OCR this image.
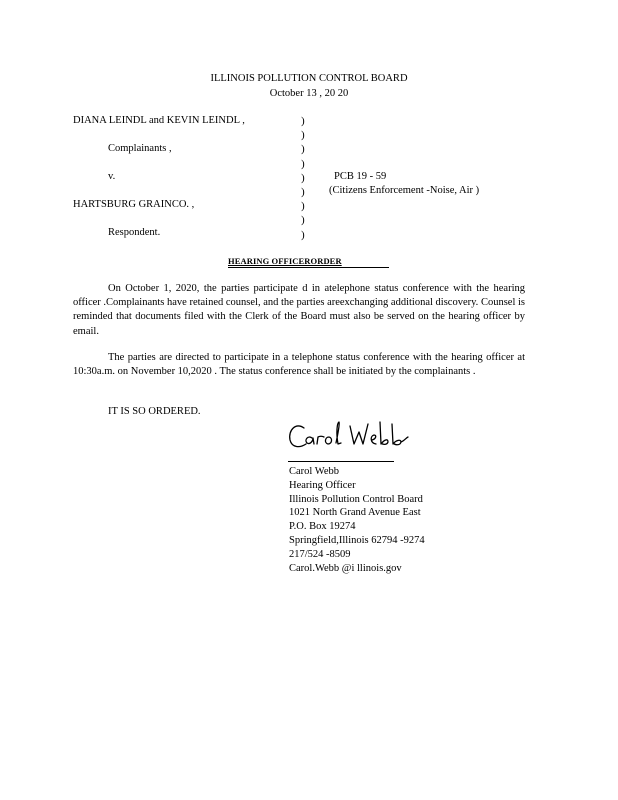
ILLINOIS POLLUTION CONTROL BOARD
October 13 , 20 20
DIANA LEINDL and KEVIN LEINDL ,
Complainants ,
v.
HARTSBURG GRAINCO. ,
Respondent.
)
)
)
)
)
)
)
)
)
PCB 19 - 59
(Citizens Enforcement -Noise, Air )
HEARING OFFICERORDER
On October 1, 2020, the parties participate d in atelephone status conference with the hearing officer .Complainants have retained counsel, and the parties areexchanging additional discovery. Counsel is reminded that documents filed with the Clerk of the Board must also be served on the hearing officer by email.
The parties are directed to participate in a telephone status conference with the hearing officer at 10:30a.m. on November 10,2020 . The status conference shall be initiated by the complainants .
IT IS SO ORDERED.
Carol Webb
Hearing Officer
Illinois Pollution Control Board
1021 North Grand Avenue East
P.O. Box 19274
Springfield,Illinois 62794 -9274
217/524 -8509
Carol.Webb @i llinois.gov
